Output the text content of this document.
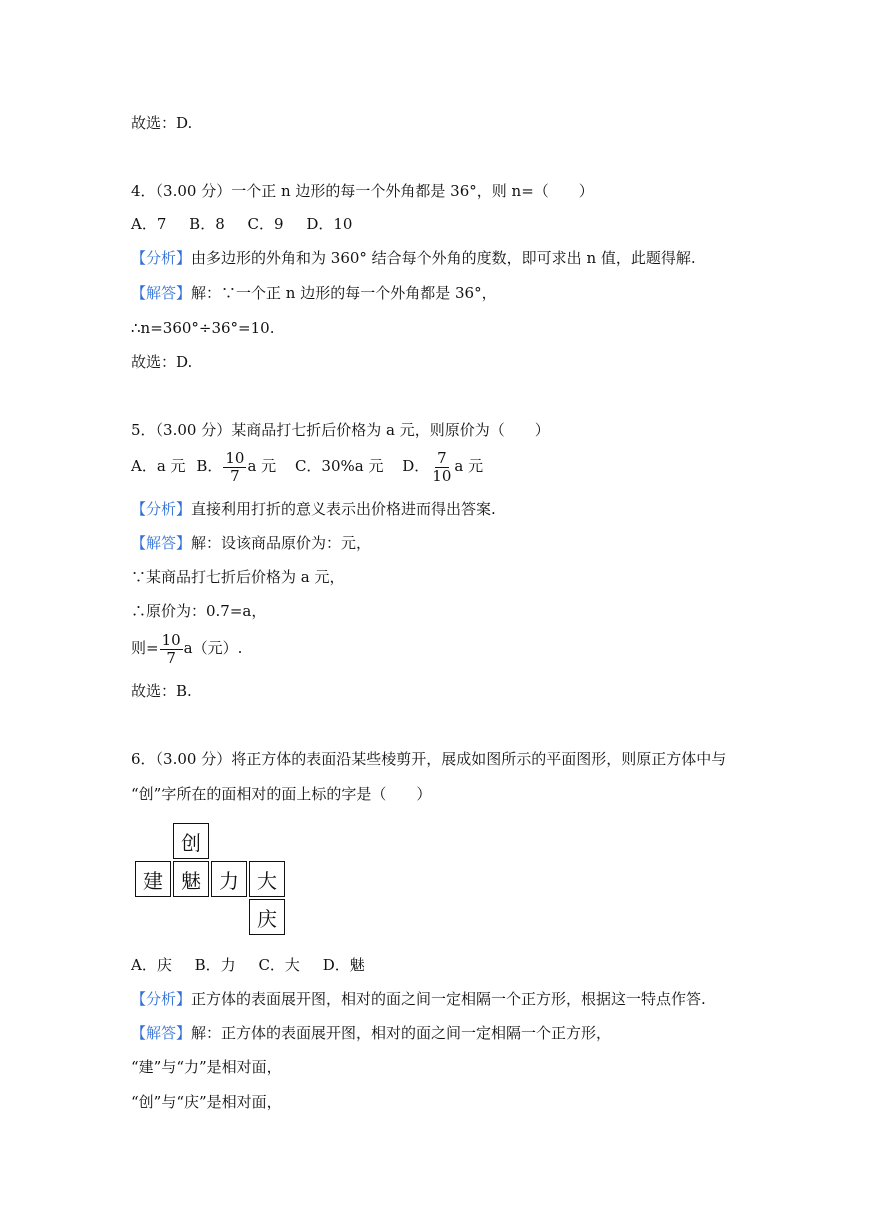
故选：D.
4．（3.00 分）一个正 n 边形的每一个外角都是 36°，则 n=（　　）
A．7 B．8 C．9 D．10
【分析】由多边形的外角和为 360° 结合每个外角的度数，即可求出 n 值，此题得解.
【解答】解：∵一个正 n 边形的每一个外角都是 36°，
∴n=360°÷36°=10.
故选：D.
5．（3.00 分）某商品打七折后价格为 a 元，则原价为（　　）
A．a 元 B． $\frac{10}{7}$ a 元 C．30%a 元 D． $\frac{7}{10}$ a 元
【分析】直接利用打折的意义表示出价格进而得出答案.
【解答】解：设该商品原价为：元，
∵某商品打七折后价格为 a 元，
∴原价为：0.7=a，
则= $\frac{10}{7} a$（元）.
故选：B.
6．（3.00 分）将正方体的表面沿某些棱剪开，展成如图所示的平面图形，则原正方体中与
“创”字所在的面相对的面上标的字是（　　）
创
建 魅 力 大
庆
A．庆 B．力 C．大 D．魅
【分析】正方体的表面展开图，相对的面之间一定相隔一个正方形，根据这一特点作答.
【解答】解：正方体的表面展开图，相对的面之间一定相隔一个正方形，
“建”与“力”是相对面，
“创”与“庆”是相对面，
